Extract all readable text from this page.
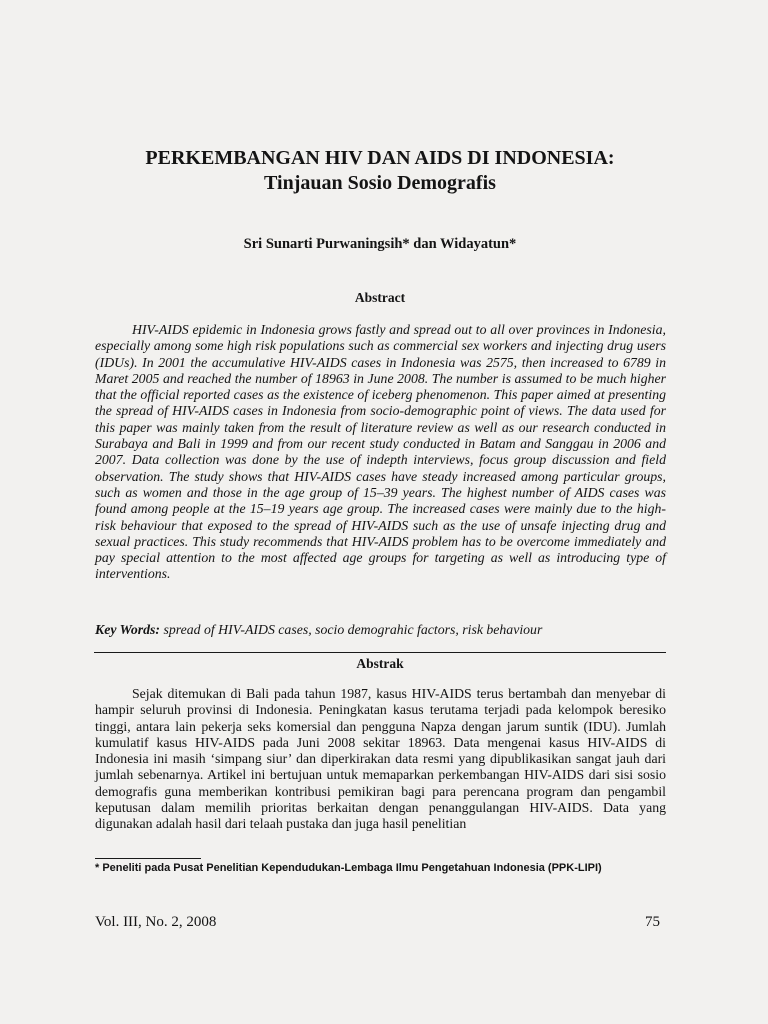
PERKEMBANGAN HIV DAN AIDS DI INDONESIA:
Tinjauan Sosio Demografis
Sri Sunarti Purwaningsih* dan Widayatun*
Abstract

HIV-AIDS epidemic in Indonesia grows fastly and spread out to all over provinces in Indonesia, especially among some high risk populations such as commercial sex workers and injecting drug users (IDUs). In 2001 the accumulative HIV-AIDS cases in Indonesia was 2575, then increased to 6789 in Maret 2005 and reached the number of 18963 in June 2008. The number is assumed to be much higher that the official reported cases as the existence of iceberg phenomenon. This paper aimed at presenting the spread of HIV-AIDS cases in Indonesia from socio-demographic point of views. The data used for this paper was mainly taken from the result of literature review as well as our research conducted in Surabaya and Bali in 1999 and from our recent study conducted in Batam and Sanggau in 2006 and 2007. Data collection was done by the use of indepth interviews, focus group discussion and field observation. The study shows that HIV-AIDS cases have steady increased among particular groups, such as women and those in the age group of 15–39 years. The highest number of AIDS cases was found among people at the 15–19 years age group. The increased cases were mainly due to the high-risk behaviour that exposed to the spread of HIV-AIDS such as the use of unsafe injecting drug and sexual practices. This study recommends that HIV-AIDS problem has to be overcome immediately and pay special attention to the most affected age groups for targeting as well as introducing type of interventions.

Key Words: spread of HIV-AIDS cases, socio demograhic factors, risk behaviour

Abstrak

Sejak ditemukan di Bali pada tahun 1987, kasus HIV-AIDS terus bertambah dan menyebar di hampir seluruh provinsi di Indonesia. Peningkatan kasus terutama terjadi pada kelompok beresiko tinggi, antara lain pekerja seks komersial dan pengguna Napza dengan jarum suntik (IDU). Jumlah kumulatif kasus HIV-AIDS pada Juni 2008 sekitar 18963. Data mengenai kasus HIV-AIDS di Indonesia ini masih ‘simpang siur’ dan diperkirakan data resmi yang dipublikasikan sangat jauh dari jumlah sebenarnya. Artikel ini bertujuan untuk memaparkan perkembangan HIV-AIDS dari sisi sosio demografis guna memberikan kontribusi pemikiran bagi para perencana program dan pengambil keputusan dalam memilih prioritas berkaitan dengan penanggulangan HIV-AIDS. Data yang digunakan adalah hasil dari telaah pustaka dan juga hasil penelitian

* Peneliti pada Pusat Penelitian Kependudukan-Lembaga Ilmu Pengetahuan Indonesia (PPK-LIPI)

Vol. III, No. 2, 2008	75
